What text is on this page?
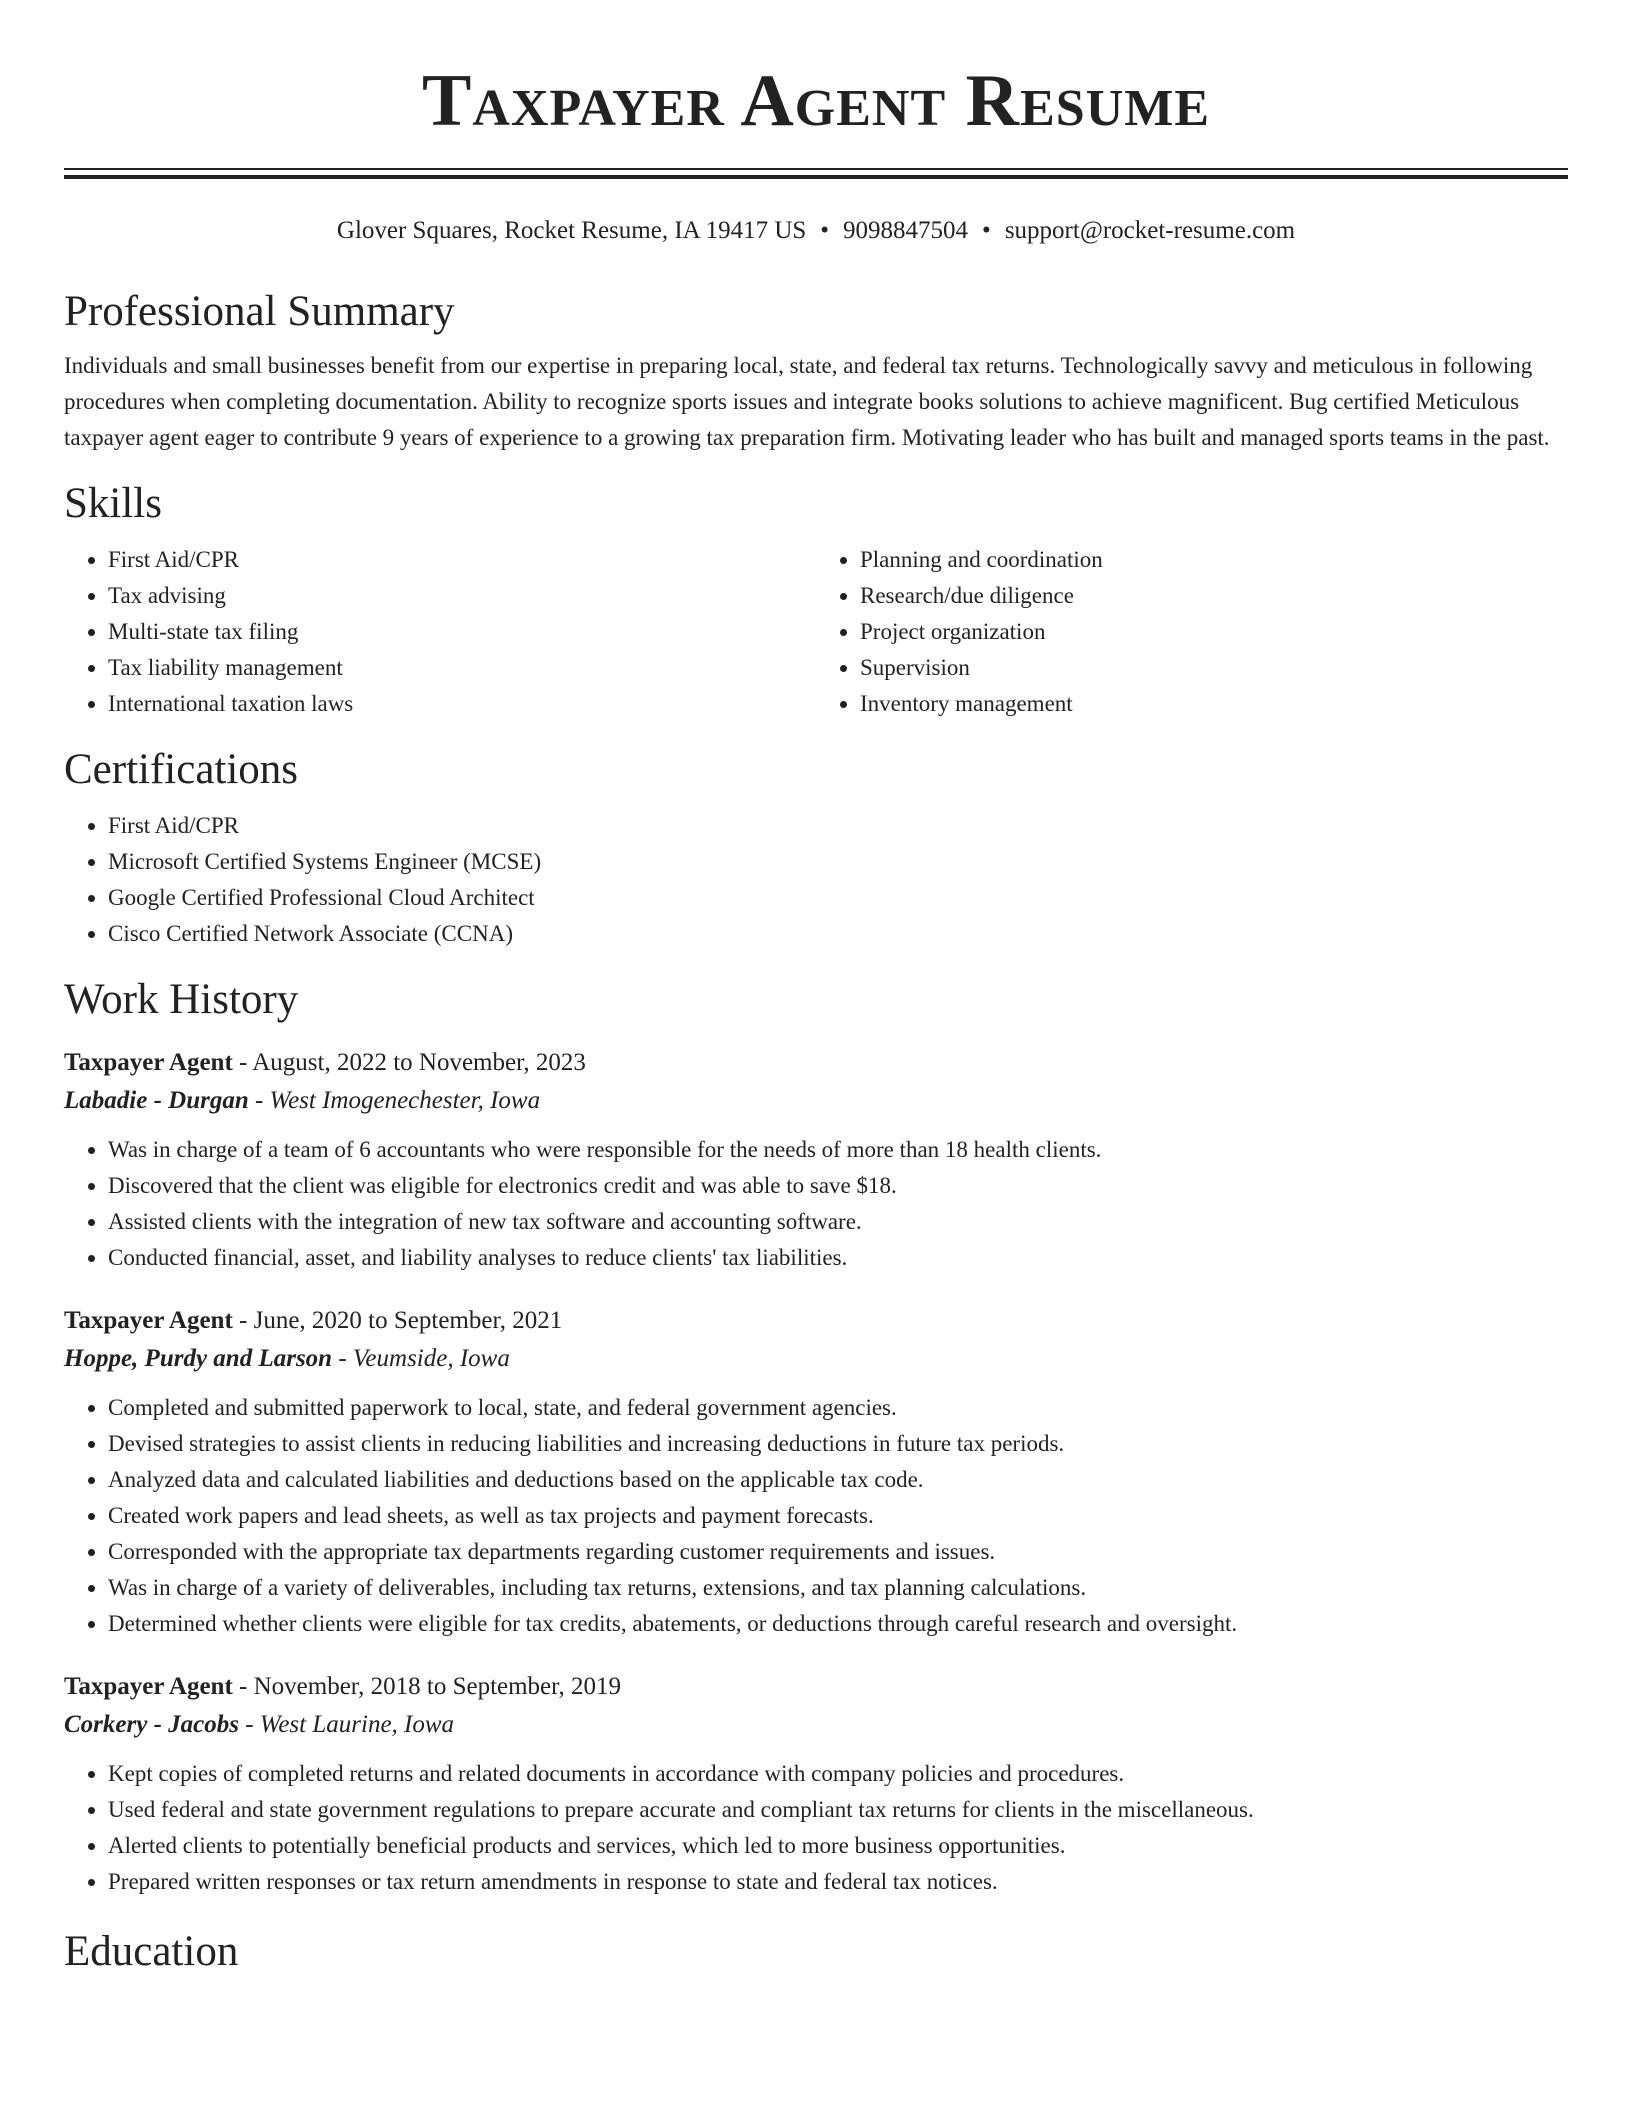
Taxpayer Agent Resume
Glover Squares, Rocket Resume, IA 19417 US • 9098847504 • support@rocket-resume.com
Professional Summary

Individuals and small businesses benefit from our expertise in preparing local, state, and federal tax returns. Technologically savvy and meticulous in following procedures when completing documentation. Ability to recognize sports issues and integrate books solutions to achieve magnificent. Bug certified Meticulous taxpayer agent eager to contribute 9 years of experience to a growing tax preparation firm. Motivating leader who has built and managed sports teams in the past.

Skills
• First Aid/CPR
• Tax advising
• Multi-state tax filing
• Tax liability management
• International taxation laws
• Planning and coordination
• Research/due diligence
• Project organization
• Supervision
• Inventory management
Certifications
• First Aid/CPR
• Microsoft Certified Systems Engineer (MCSE)
• Google Certified Professional Cloud Architect
• Cisco Certified Network Associate (CCNA)
Work History

Taxpayer Agent - August, 2022 to November, 2023

Labadie - Durgan - West Imogenechester, Iowa

• Was in charge of a team of 6 accountants who were responsible for the needs of more than 18 health clients.
• Discovered that the client was eligible for electronics credit and was able to save $18.
• Assisted clients with the integration of new tax software and accounting software.
• Conducted financial, asset, and liability analyses to reduce clients' tax liabilities.

Taxpayer Agent - June, 2020 to September, 2021

Hoppe, Purdy and Larson - Veumside, Iowa

• Completed and submitted paperwork to local, state, and federal government agencies.
• Devised strategies to assist clients in reducing liabilities and increasing deductions in future tax periods.
• Analyzed data and calculated liabilities and deductions based on the applicable tax code.
• Created work papers and lead sheets, as well as tax projects and payment forecasts.
• Corresponded with the appropriate tax departments regarding customer requirements and issues.
• Was in charge of a variety of deliverables, including tax returns, extensions, and tax planning calculations.
• Determined whether clients were eligible for tax credits, abatements, or deductions through careful research and oversight.

Taxpayer Agent - November, 2018 to September, 2019

Corkery - Jacobs - West Laurine, Iowa

• Kept copies of completed returns and related documents in accordance with company policies and procedures.
• Used federal and state government regulations to prepare accurate and compliant tax returns for clients in the miscellaneous.
• Alerted clients to potentially beneficial products and services, which led to more business opportunities.
• Prepared written responses or tax return amendments in response to state and federal tax notices.
Education
